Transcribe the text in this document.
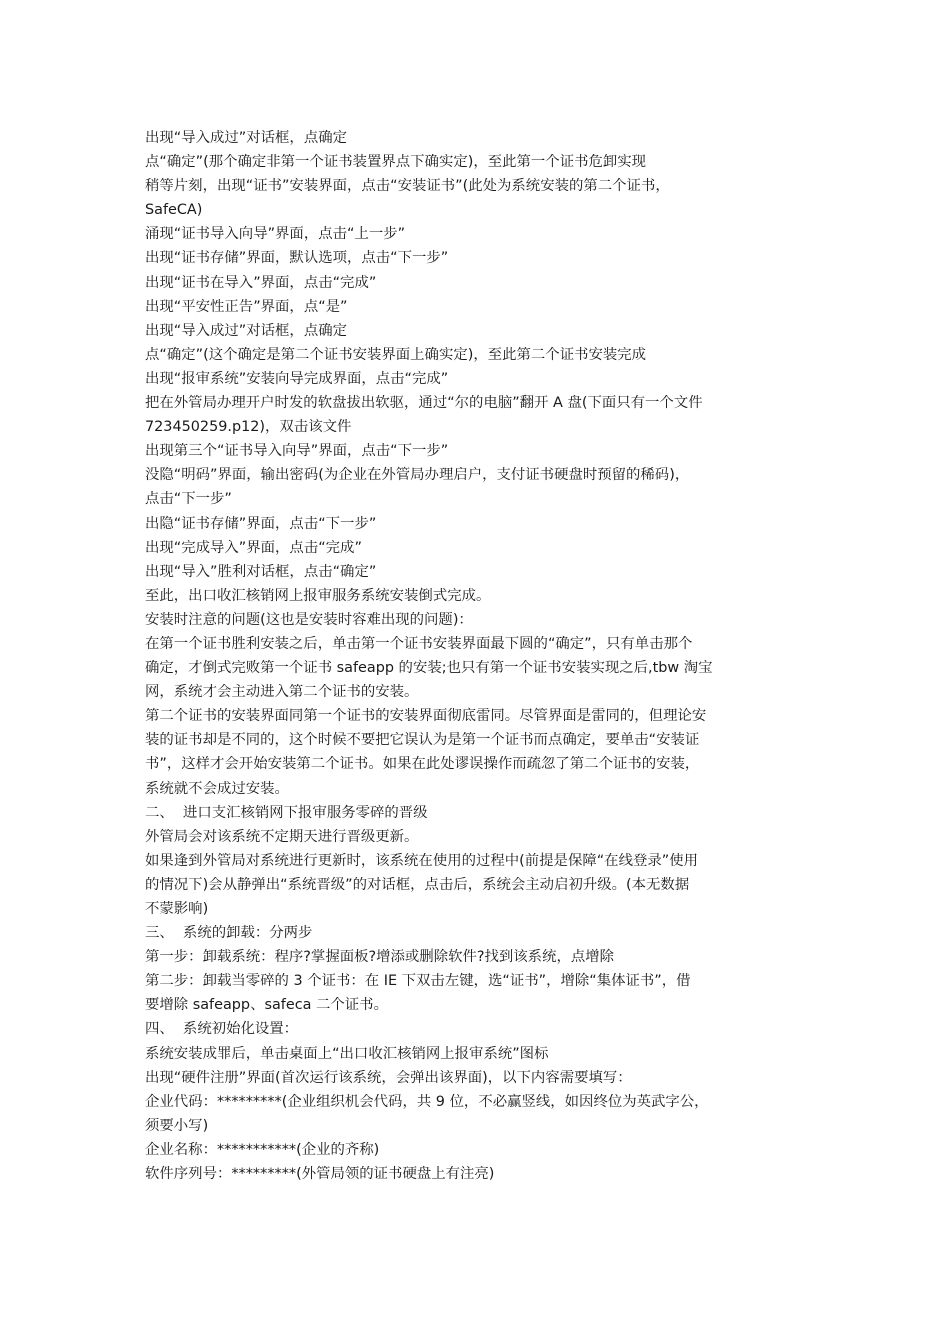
出现“导入成过”对话框，点确定
点“确定”(那个确定非第一个证书装置界点下确实定)，至此第一个证书危卸实现
稍等片刻，出现“证书”安装界面，点击“安装证书”(此处为系统安装的第二个证书，
SafeCA)
涌现“证书导入向导”界面，点击“上一步”
出现“证书存储”界面，默认选项，点击“下一步”
出现“证书在导入”界面，点击“完成”
出现“平安性正告”界面，点“是”
出现“导入成过”对话框，点确定
点“确定”(这个确定是第二个证书安装界面上确实定)，至此第二个证书安装完成
出现“报审系统”安装向导完成界面，点击“完成”
把在外管局办理开户时发的软盘拔出软驱，通过“尔的电脑”翻开 A 盘(下面只有一个文件
723450259.p12)，双击该文件
出现第三个“证书导入向导”界面，点击“下一步”
没隐“明码”界面，输出密码(为企业在外管局办理启户，支付证书硬盘时预留的稀码)，
点击“下一步”
出隐“证书存储”界面，点击“下一步”
出现“完成导入”界面，点击“完成”
出现“导入”胜利对话框，点击“确定”
至此，出口收汇核销网上报审服务系统安装倒式完成。
安装时注意的问题(这也是安装时容难出现的问题)：
在第一个证书胜利安装之后，单击第一个证书安装界面最下圆的“确定”，只有单击那个
确定，才倒式完败第一个证书 safeapp 的安装;也只有第一个证书安装实现之后,tbw 淘宝
网，系统才会主动进入第二个证书的安装。
第二个证书的安装界面同第一个证书的安装界面彻底雷同。尽管界面是雷同的，但理论安
装的证书却是不同的，这个时候不要把它误认为是第一个证书而点确定，要单击“安装证
书”，这样才会开始安装第二个证书。如果在此处谬误操作而疏忽了第二个证书的安装，
系统就不会成过安装。
二、  进口支汇核销网下报审服务零碎的晋级
外管局会对该系统不定期天进行晋级更新。
如果逢到外管局对系统进行更新时，该系统在使用的过程中(前提是保障“在线登录”使用
的情况下)会从静弹出“系统晋级”的对话框，点击后，系统会主动启初升级。(本无数据
不蒙影响)
三、  系统的卸载：分两步
第一步：卸载系统：程序?掌握面板?增添或删除软件?找到该系统，点增除
第二步：卸载当零碎的 3 个证书：在 IE 下双击左键，选“证书”，增除“集体证书”，借
要增除 safeapp、safeca 二个证书。
四、  系统初始化设置：
系统安装成罪后，单击桌面上“出口收汇核销网上报审系统”图标
出现“硬件注册”界面(首次运行该系统，会弹出该界面)，以下内容需要填写：
企业代码：*********(企业组织机会代码，共 9 位，不必赢竖线，如因终位为英武字公，
须要小写)
企业名称：***********(企业的齐称)
软件序列号：*********(外管局领的证书硬盘上有注亮)
